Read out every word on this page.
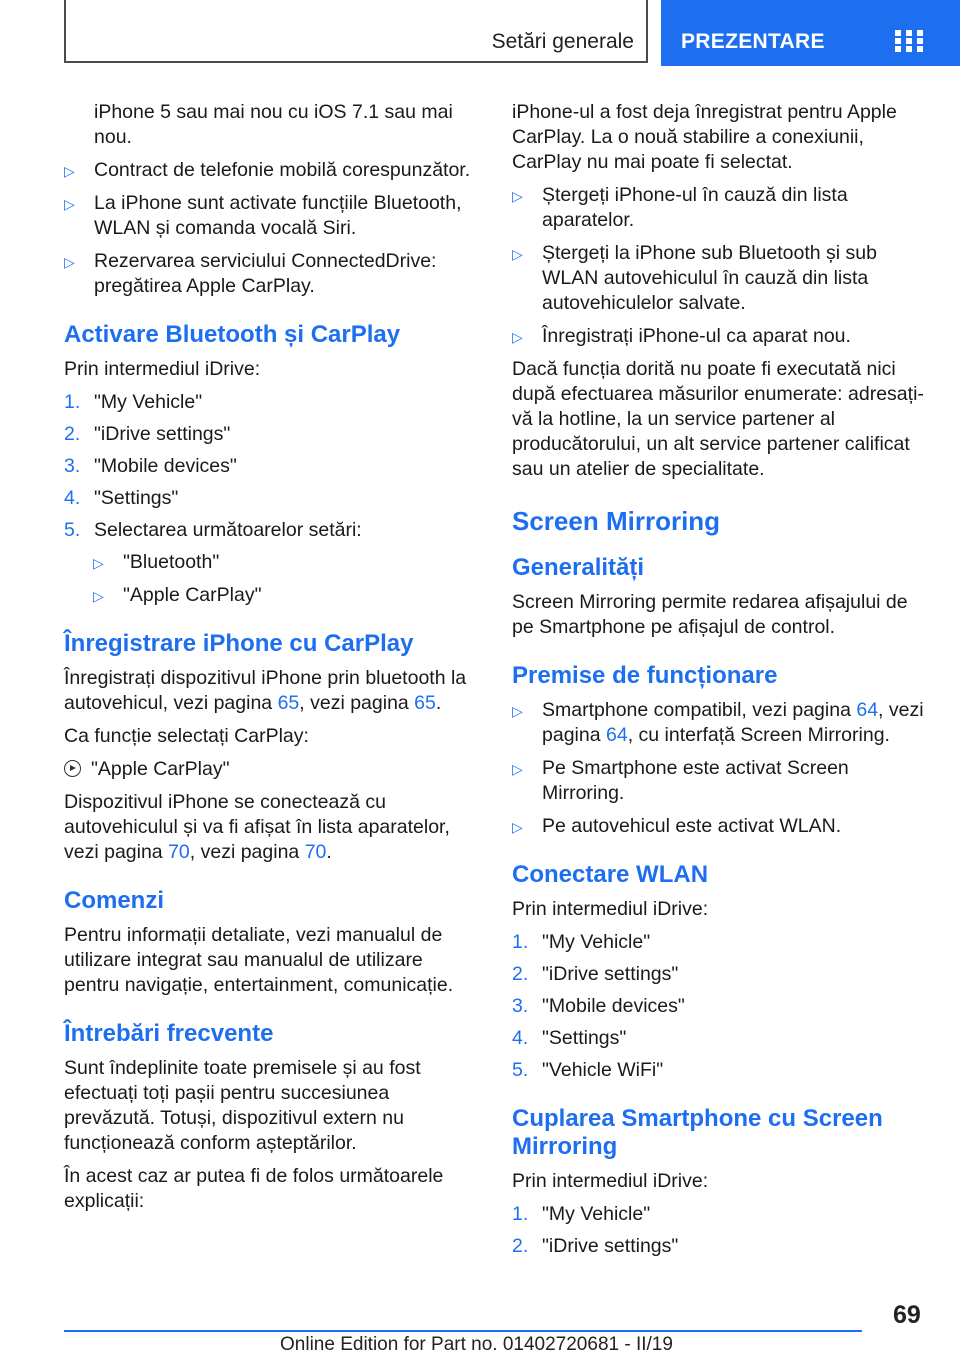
Setări generale PREZENTARE

iPhone 5 sau mai nou cu iOS 7.1 sau mai nou.

▷ Contract de telefonie mobilă corespunzător.
▷ La iPhone sunt activate funcțiile Bluetooth, WLAN și comanda vocală Siri.
▷ Rezervarea serviciului ConnectedDrive: pregătirea Apple CarPlay.
Activare Bluetooth și CarPlay

Prin intermediul iDrive:

1. "My Vehicle"
2. "iDrive settings"
3. "Mobile devices"
4. "Settings"
5. Selectarea următoarelor setări:
▷ "Bluetooth"
▷ "Apple CarPlay"
Înregistrare iPhone cu CarPlay

Înregistrați dispozitivul iPhone prin bluetooth la autovehicul, vezi pagina 65, vezi pagina 65.

Ca funcție selectați CarPlay:

"Apple CarPlay"

Dispozitivul iPhone se conectează cu autovehiculul și va fi afișat în lista aparatelor, vezi pagina 70, vezi pagina 70.

Comenzi

Pentru informații detaliate, vezi manualul de utilizare integrat sau manualul de utilizare pentru navigație, entertainment, comunicație.

Întrebări frecvente

Sunt îndeplinite toate premisele și au fost efectuați toți pașii pentru succesiunea prevăzută. Totuși, dispozitivul extern nu funcționează conform așteptărilor.

În acest caz ar putea fi de folos următoarele explicații:

iPhone-ul a fost deja înregistrat pentru Apple CarPlay. La o nouă stabilire a conexiunii, CarPlay nu mai poate fi selectat.

▷ Ștergeți iPhone-ul în cauză din lista aparatelor.
▷ Ștergeți la iPhone sub Bluetooth și sub WLAN autovehiculul în cauză din lista autovehiculelor salvate.
▷ Înregistrați iPhone-ul ca aparat nou.

Dacă funcția dorită nu poate fi executată nici după efectuarea măsurilor enumerate: adresați-vă la hotline, la un service partener al producătorului, un alt service partener calificat sau un atelier de specialitate.

Screen Mirroring
Generalități

Screen Mirroring permite redarea afișajului de pe Smartphone pe afișajul de control.

Premise de funcționare
▷ Smartphone compatibil, vezi pagina 64, vezi pagina 64, cu interfață Screen Mirroring.
▷ Pe Smartphone este activat Screen Mirroring.
▷ Pe autovehicul este activat WLAN.
Conectare WLAN

Prin intermediul iDrive:

1. "My Vehicle"
2. "iDrive settings"
3. "Mobile devices"
4. "Settings"
5. "Vehicle WiFi"
Cuplarea Smartphone cu Screen Mirroring

Prin intermediul iDrive:

1. "My Vehicle"
2. "iDrive settings"
69
Online Edition for Part no. 01402720681 - II/19
